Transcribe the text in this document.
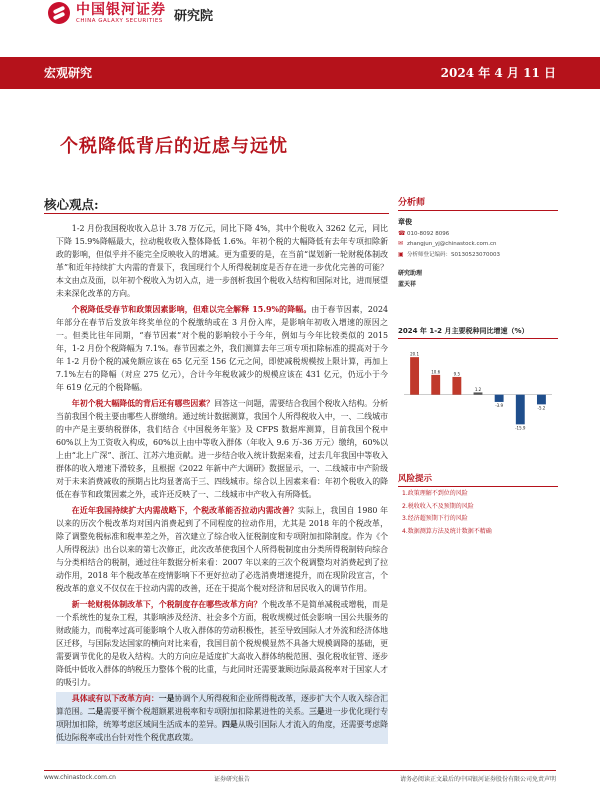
中国银河证券
CHINA GALAXY SECURITIES 研究院
宏观研究	2024 年 4 月 11 日
个税降低背后的近虑与远忧
核心观点:

1-2 月份我国税收收入总计 3.78 万亿元，同比下降 4%，其中个税收入 3262 亿元，同比下降 15.9%降幅最大，拉动税收收入整体降低 1.6%。年初个税的大幅降低有去年专项扣除新政的影响，但似乎并不能完全反映收入的增减。更为重要的是，在当前“谋划新一轮财税体制改革”和近年持续扩大内需的背景下，我国现行个人所得税制度是否存在进一步优化完善的可能？本文由点及面，以年初个税收入为切入点，进一步剖析我国个税收入结构和国际对比，进而展望未来深化改革的方向。

个税降低受春节和政策因素影响，但难以完全解释 15.9%的降幅。由于春节因素，2024 年部分在春节后发放年终奖单位的个税缴纳或在 3 月份入库，是影响年初收入增速的原因之一。但类比往年同期，“春节因素”对个税的影响较小于今年，例如与今年比较类似的 2015 年，1-2 月份个税降幅为 7.1%。春节因素之外，我们测算去年三项专项扣除标准的提高对于今年 1-2 月份个税的减免额应该在 65 亿元至 156 亿元之间，即使减税规模按上限计算，再加上 7.1%左右的降幅（对应 275 亿元），合计今年税收减少的规模应该在 431 亿元，仍远小于今年 619 亿元的个税降幅。

年初个税大幅降低的背后还有哪些因素？回答这一问题，需要结合我国个税收入结构。分析当前我国个税主要由哪些人群缴纳。通过统计数据测算，我国个人所得税收入中，一、二线城市的中产是主要纳税群体，我们结合《中国税务年鉴》及 CFPS 数据库测算，目前我国个税中 60%以上为工资收入构成，60%以上由中等收入群体（年收入 9.6 万-36 万元）缴纳，60%以上由“北上广深”、浙江、江苏六地贡献。进一步结合收入统计数据来看，过去几年我国中等收入群体的收入增速下滑较多，且根据《2022 年新中产大调研》数据显示，一、二线城市中产阶级对于未来消费减收的预期占比均显著高于三、四线城市。综合以上因素来看：年初个税收入的降低在春节和政策因素之外，或许还反映了一、二线城市中产收入有所降低。

在近年我国持续扩大内需战略下，个税改革能否拉动内需改善？实际上，我国自 1980 年以来的历次个税改革均对国内消费起到了不同程度的拉动作用，尤其是 2018 年的个税改革，除了调整免税标准和税率差之外，首次建立了综合收入征税制度和专项附加扣除制度。作为《个人所得税法》出台以来的第七次修正，此次改革使我国个人所得税制度由分类所得税制转向综合与分类相结合的税制，通过往年数据分析来看：2007 年以来的三次个税调整均对消费起到了拉动作用，2018 年个税改革在疫情影响下不更好拉动了必选消费增速提升，而在现阶段宣言，个税改革的意义不仅仅在于拉动内需的改善，还在于提高个税对经济和居民收入的调节作用。

新一轮财税体制改革下，个税制度存在哪些改革方向？个税改革不是简单减税或增税，而是一个系统性的复杂工程，其影响涉及经济、社会多个方面，税收规模过低会影响一国公共服务的财政能力，而税率过高可能影响个人收入群体的劳动积极性，甚至导致国际人才外流和经济体地区迁移，与国际发达国家的横向对比来看，我国目前个税规模显然不具备大规模调降的基础，更需要调节优化的是收入结构。大的方向应是适度扩大高收入群体纳税范围、强化税收征管、逐步降低中低收入群体的纳税压力整体个税的比重，与此同时还需要兼顾边际最高税率对于国家人才的吸引力。

具体或有以下改革方向：一是协调个人所得税和企业所得税改革，逐步扩大个人收入综合汇算范围。二是需要平衡个税超额累进税率和专项附加扣除累进性的关系。三是进一步优化现行专项附加扣除，统筹考虑区域间生活成本的差异。四是从吸引国际人才流入的角度，还需要考虑降低边际税率或出台针对性个税优惠政策。

分析师
章俊
☎ 010-8092 8096
✉ zhangjun_yj@chinastock.com.cn
▣ 分析师登记编码：S0130523070003
研究助理
蓝天祥
2024 年 1-2 月主要税种同比增速（%）
20.1
10.6	9.5
1.2
-3.9
-15.9
-5.2
风险提示
1.政策理解不到位的风险
2.税收收入不及预期的风险
3.经济超预期下行的风险
4.数据测算方法及统计数据不精确
www.chinastock.com.cn	证券研究报告	请务必阅读正文最后的中国银河证券股份有限公司免责声明
